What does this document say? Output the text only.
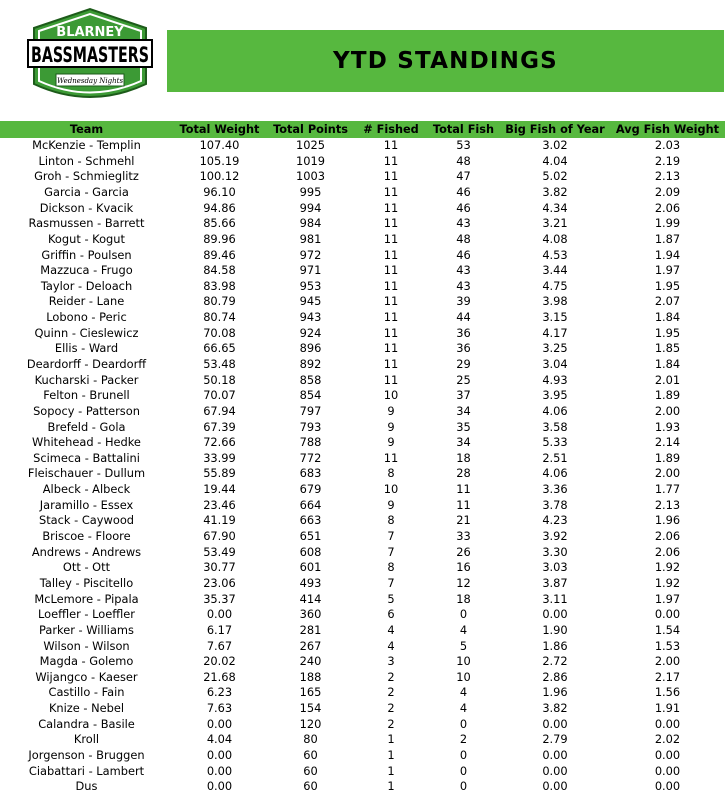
BLARNEY
BASSMASTERS
Wednesday Nights
YTD STANDINGS
Team	Total Weight	Total Points	# Fished	Total Fish	Big Fish of Year	Avg Fish Weight
McKenzie - Templin	107.40	1025	11	53	3.02	2.03
Linton - Schmehl	105.19	1019	11	48	4.04	2.19
Groh - Schmieglitz	100.12	1003	11	47	5.02	2.13
Garcia - Garcia	96.10	995	11	46	3.82	2.09
Dickson - Kvacik	94.86	994	11	46	4.34	2.06
Rasmussen - Barrett	85.66	984	11	43	3.21	1.99
Kogut - Kogut	89.96	981	11	48	4.08	1.87
Griffin - Poulsen	89.46	972	11	46	4.53	1.94
Mazzuca - Frugo	84.58	971	11	43	3.44	1.97
Taylor - Deloach	83.98	953	11	43	4.75	1.95
Reider - Lane	80.79	945	11	39	3.98	2.07
Lobono - Peric	80.74	943	11	44	3.15	1.84
Quinn - Cieslewicz	70.08	924	11	36	4.17	1.95
Ellis - Ward	66.65	896	11	36	3.25	1.85
Deardorff - Deardorff	53.48	892	11	29	3.04	1.84
Kucharski - Packer	50.18	858	11	25	4.93	2.01
Felton - Brunell	70.07	854	10	37	3.95	1.89
Sopocy - Patterson	67.94	797	9	34	4.06	2.00
Brefeld - Gola	67.39	793	9	35	3.58	1.93
Whitehead - Hedke	72.66	788	9	34	5.33	2.14
Scimeca - Battalini	33.99	772	11	18	2.51	1.89
Fleischauer - Dullum	55.89	683	8	28	4.06	2.00
Albeck - Albeck	19.44	679	10	11	3.36	1.77
Jaramillo - Essex	23.46	664	9	11	3.78	2.13
Stack - Caywood	41.19	663	8	21	4.23	1.96
Briscoe - Floore	67.90	651	7	33	3.92	2.06
Andrews - Andrews	53.49	608	7	26	3.30	2.06
Ott - Ott	30.77	601	8	16	3.03	1.92
Talley - Piscitello	23.06	493	7	12	3.87	1.92
McLemore - Pipala	35.37	414	5	18	3.11	1.97
Loeffler - Loeffler	0.00	360	6	0	0.00	0.00
Parker - Williams	6.17	281	4	4	1.90	1.54
Wilson - Wilson	7.67	267	4	5	1.86	1.53
Magda - Golemo	20.02	240	3	10	2.72	2.00
Wijangco - Kaeser	21.68	188	2	10	2.86	2.17
Castillo - Fain	6.23	165	2	4	1.96	1.56
Knize - Nebel	7.63	154	2	4	3.82	1.91
Calandra - Basile	0.00	120	2	0	0.00	0.00
Kroll	4.04	80	1	2	2.79	2.02
Jorgenson - Bruggen	0.00	60	1	0	0.00	0.00
Ciabattari - Lambert	0.00	60	1	0	0.00	0.00
Dus	0.00	60	1	0	0.00	0.00
